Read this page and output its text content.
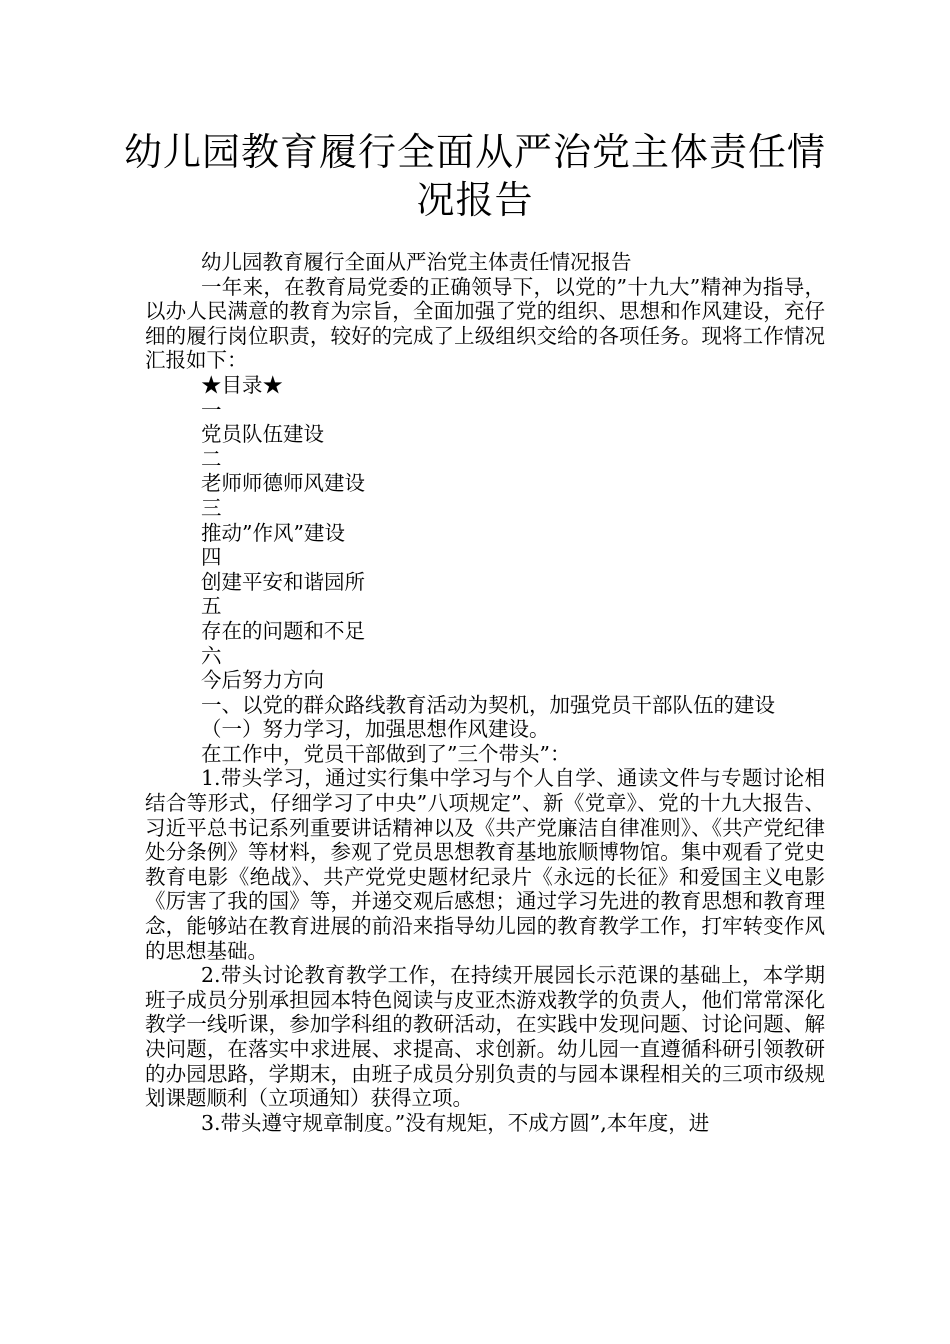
幼儿园教育履行全面从严治党主体责任情况报告

幼儿园教育履行全面从严治党主体责任情况报告

一年来，在教育局党委的正确领导下，以党的”十九大”精神为指导，以办人民满意的教育为宗旨，全面加强了党的组织、思想和作风建设，充仔细的履行岗位职责，较好的完成了上级组织交给的各项任务。现将工作情况汇报如下：

★目录★

一

党员队伍建设

二

老师师德师风建设

三

推动”作风”建设

四

创建平安和谐园所

五

存在的问题和不足

六

今后努力方向

一、以党的群众路线教育活动为契机，加强党员干部队伍的建设

（一）努力学习，加强思想作风建设。

在工作中，党员干部做到了”三个带头”：

1.带头学习，通过实行集中学习与个人自学、通读文件与专题讨论相结合等形式，仔细学习了中央”八项规定”、新《党章》、党的十九大报告、习近平总书记系列重要讲话精神以及《共产党廉洁自律准则》、《共产党纪律处分条例》等材料，参观了党员思想教育基地旅顺博物馆。集中观看了党史教育电影《绝战》、共产党党史题材纪录片《永远的长征》和爱国主义电影《厉害了我的国》等，并递交观后感想；通过学习先进的教育思想和教育理念，能够站在教育进展的前沿来指导幼儿园的教育教学工作，打牢转变作风的思想基础。

2.带头讨论教育教学工作，在持续开展园长示范课的基础上，本学期班子成员分别承担园本特色阅读与皮亚杰游戏教学的负责人，他们常常深化教学一线听课，参加学科组的教研活动，在实践中发现问题、讨论问题、解决问题，在落实中求进展、求提高、求创新。幼儿园一直遵循科研引领教研的办园思路，学期末，由班子成员分别负责的与园本课程相关的三项市级规划课题顺利（立项通知）获得立项。

3.带头遵守规章制度。”没有规矩，不成方圆”,本年度，进
